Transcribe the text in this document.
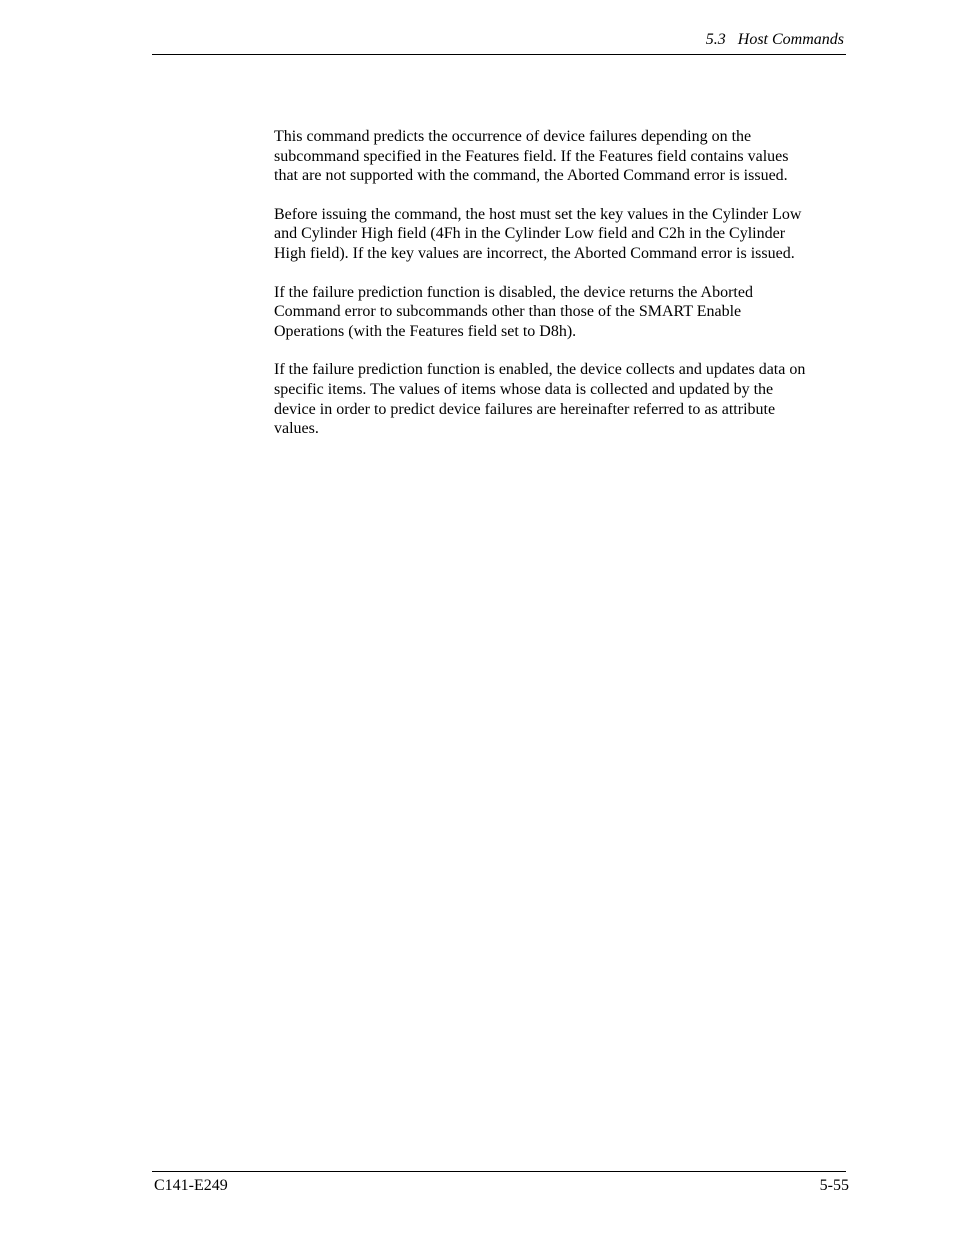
5.3 Host Commands

This command predicts the occurrence of device failures depending on the
subcommand specified in the Features field. If the Features field contains values
that are not supported with the command, the Aborted Command error is issued.

Before issuing the command, the host must set the key values in the Cylinder Low
and Cylinder High field (4Fh in the Cylinder Low field and C2h in the Cylinder
High field). If the key values are incorrect, the Aborted Command error is issued.

If the failure prediction function is disabled, the device returns the Aborted
Command error to subcommands other than those of the SMART Enable
Operations (with the Features field set to D8h).

If the failure prediction function is enabled, the device collects and updates data on
specific items. The values of items whose data is collected and updated by the
device in order to predict device failures are hereinafter referred to as attribute
values.

C141-E249	5-55
